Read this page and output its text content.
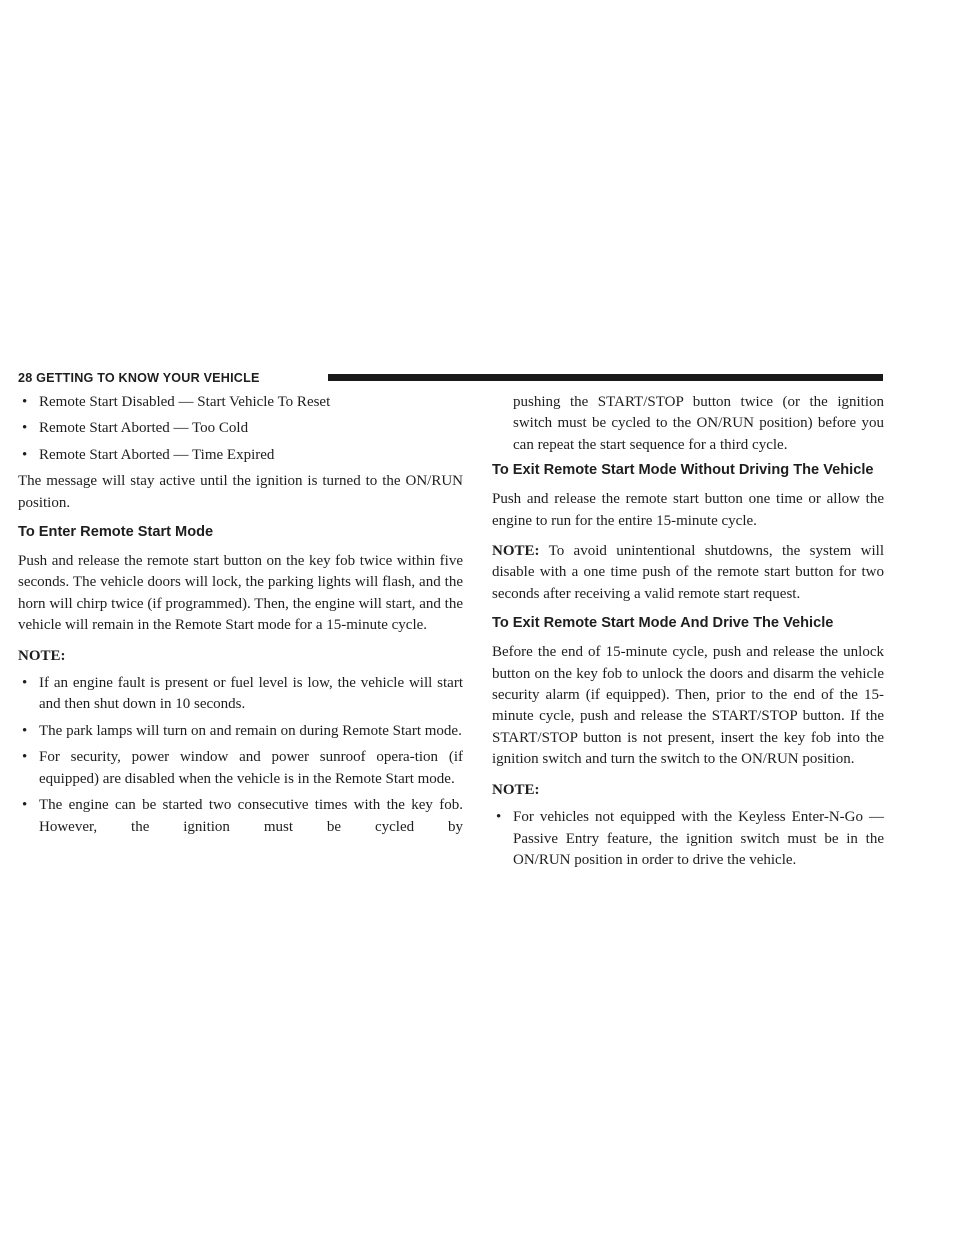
28 GETTING TO KNOW YOUR VEHICLE
• Remote Start Disabled — Start Vehicle To Reset
• Remote Start Aborted — Too Cold
• Remote Start Aborted — Time Expired

The message will stay active until the ignition is turned to the ON/RUN position.

To Enter Remote Start Mode

Push and release the remote start button on the key fob twice within five seconds. The vehicle doors will lock, the parking lights will flash, and the horn will chirp twice (if programmed). Then, the engine will start, and the vehicle will remain in the Remote Start mode for a 15-minute cycle.

NOTE:
• If an engine fault is present or fuel level is low, the vehicle will start and then shut down in 10 seconds.
• The park lamps will turn on and remain on during Remote Start mode.
• For security, power window and power sunroof opera-tion (if equipped) are disabled when the vehicle is in the Remote Start mode.
• The engine can be started two consecutive times with the key fob. However, the ignition must be cycled by
pushing the START/STOP button twice (or the ignition switch must be cycled to the ON/RUN position) before you can repeat the start sequence for a third cycle.
To Exit Remote Start Mode Without Driving The Vehicle

Push and release the remote start button one time or allow the engine to run for the entire 15-minute cycle.

NOTE: To avoid unintentional shutdowns, the system will disable with a one time push of the remote start button for two seconds after receiving a valid remote start request.

To Exit Remote Start Mode And Drive The Vehicle

Before the end of 15-minute cycle, push and release the unlock button on the key fob to unlock the doors and disarm the vehicle security alarm (if equipped). Then, prior to the end of the 15-minute cycle, push and release the START/STOP button. If the START/STOP button is not present, insert the key fob into the ignition switch and turn the switch to the ON/RUN position.

NOTE:
• For vehicles not equipped with the Keyless Enter-N-Go — Passive Entry feature, the ignition switch must be in the ON/RUN position in order to drive the vehicle.
